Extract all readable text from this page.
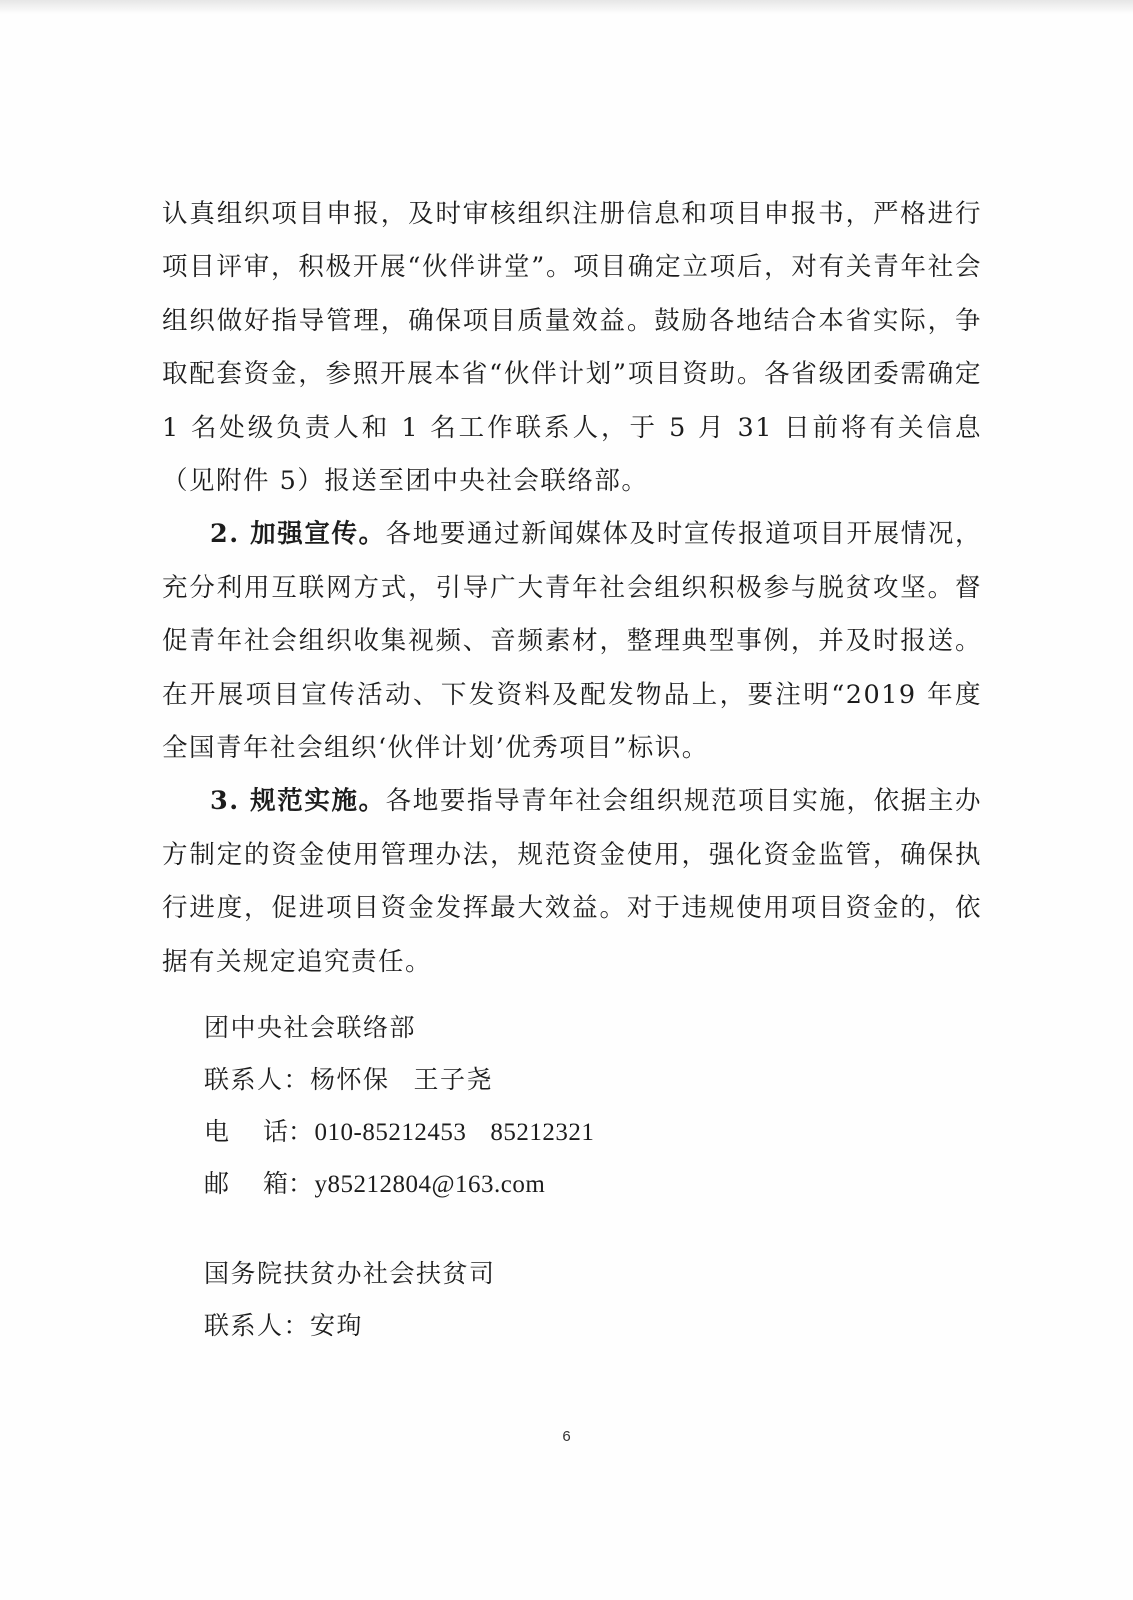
认真组织项目申报，及时审核组织注册信息和项目申报书，严格进行项目评审，积极开展“伙伴讲堂”。项目确定立项后，对有关青年社会组织做好指导管理，确保项目质量效益。鼓励各地结合本省实际，争取配套资金，参照开展本省“伙伴计划”项目资助。各省级团委需确定 1 名处级负责人和 1 名工作联系人，于 5 月 31 日前将有关信息（见附件 5）报送至团中央社会联络部。

2. 加强宣传。各地要通过新闻媒体及时宣传报道项目开展情况，充分利用互联网方式，引导广大青年社会组织积极参与脱贫攻坚。督促青年社会组织收集视频、音频素材，整理典型事例，并及时报送。在开展项目宣传活动、下发资料及配发物品上，要注明“2019 年度全国青年社会组织‘伙伴计划’优秀项目”标识。

3. 规范实施。各地要指导青年社会组织规范项目实施，依据主办方制定的资金使用管理办法，规范资金使用，强化资金监管，确保执行进度，促进项目资金发挥最大效益。对于违规使用项目资金的，依据有关规定追究责任。

团中央社会联络部
联系人：杨怀保 王子尧
电 话：010-85212453 85212321
邮 箱：y85212804@163.com
国务院扶贫办社会扶贫司
联系人：安珣
6
